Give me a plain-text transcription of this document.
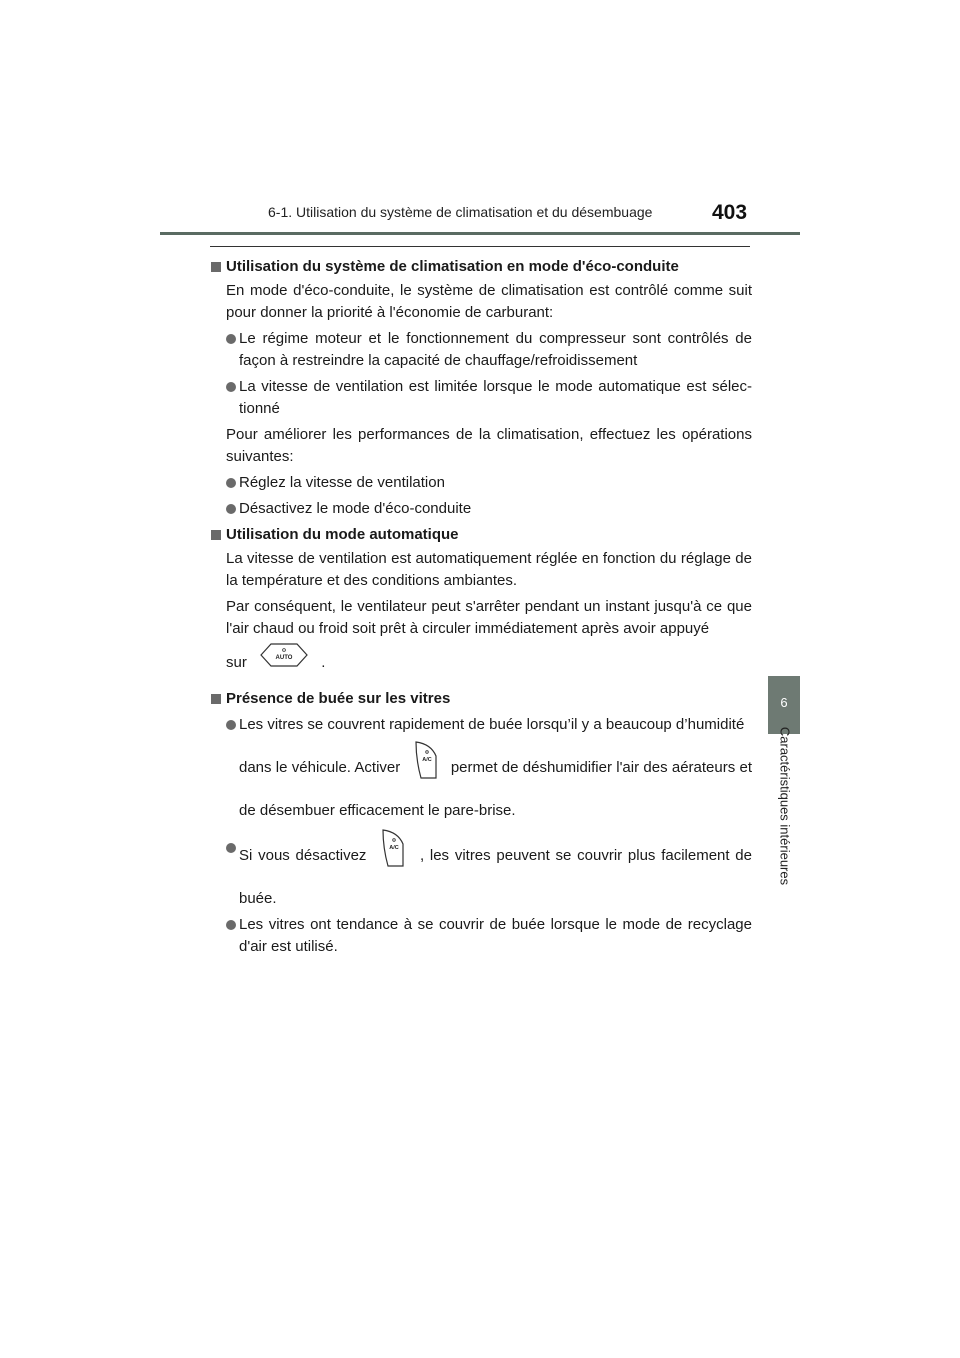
6-1. Utilisation du système de climatisation et du désembuage	403
6
Caractéristiques intérieures

Utilisation du système de climatisation en mode d'éco-conduite

En mode d'éco-conduite, le système de climatisation est contrôlé comme suit pour donner la priorité à l'économie de carburant:

Le régime moteur et le fonctionnement du compresseur sont contrôlés de façon à restreindre la capacité de chauffage/refroidissement

La vitesse de ventilation est limitée lorsque le mode automatique est sélec-tionné

Pour améliorer les performances de la climatisation, effectuez les opérations suivantes:

Réglez la vitesse de ventilation

Désactivez le mode d'éco-conduite

Utilisation du mode automatique

La vitesse de ventilation est automatiquement réglée en fonction du réglage de la température et des conditions ambiantes.

Par conséquent, le ventilateur peut s'arrêter pendant un instant jusqu'à ce que l'air chaud ou froid soit prêt à circuler immédiatement après avoir appuyé

sur	AUTO .

Présence de buée sur les vitres

Les vitres se couvrent rapidement de buée lorsqu’il y a beaucoup d’humidité

dans le véhicule. Activer	A/C permet de déshumidifier l'air des aérateurs et

de désembuer efficacement le pare-brise.

Si vous désactivez	A/C , les vitres peuvent se couvrir plus facilement de

buée.

Les vitres ont tendance à se couvrir de buée lorsque le mode de recyclage d'air est utilisé.
